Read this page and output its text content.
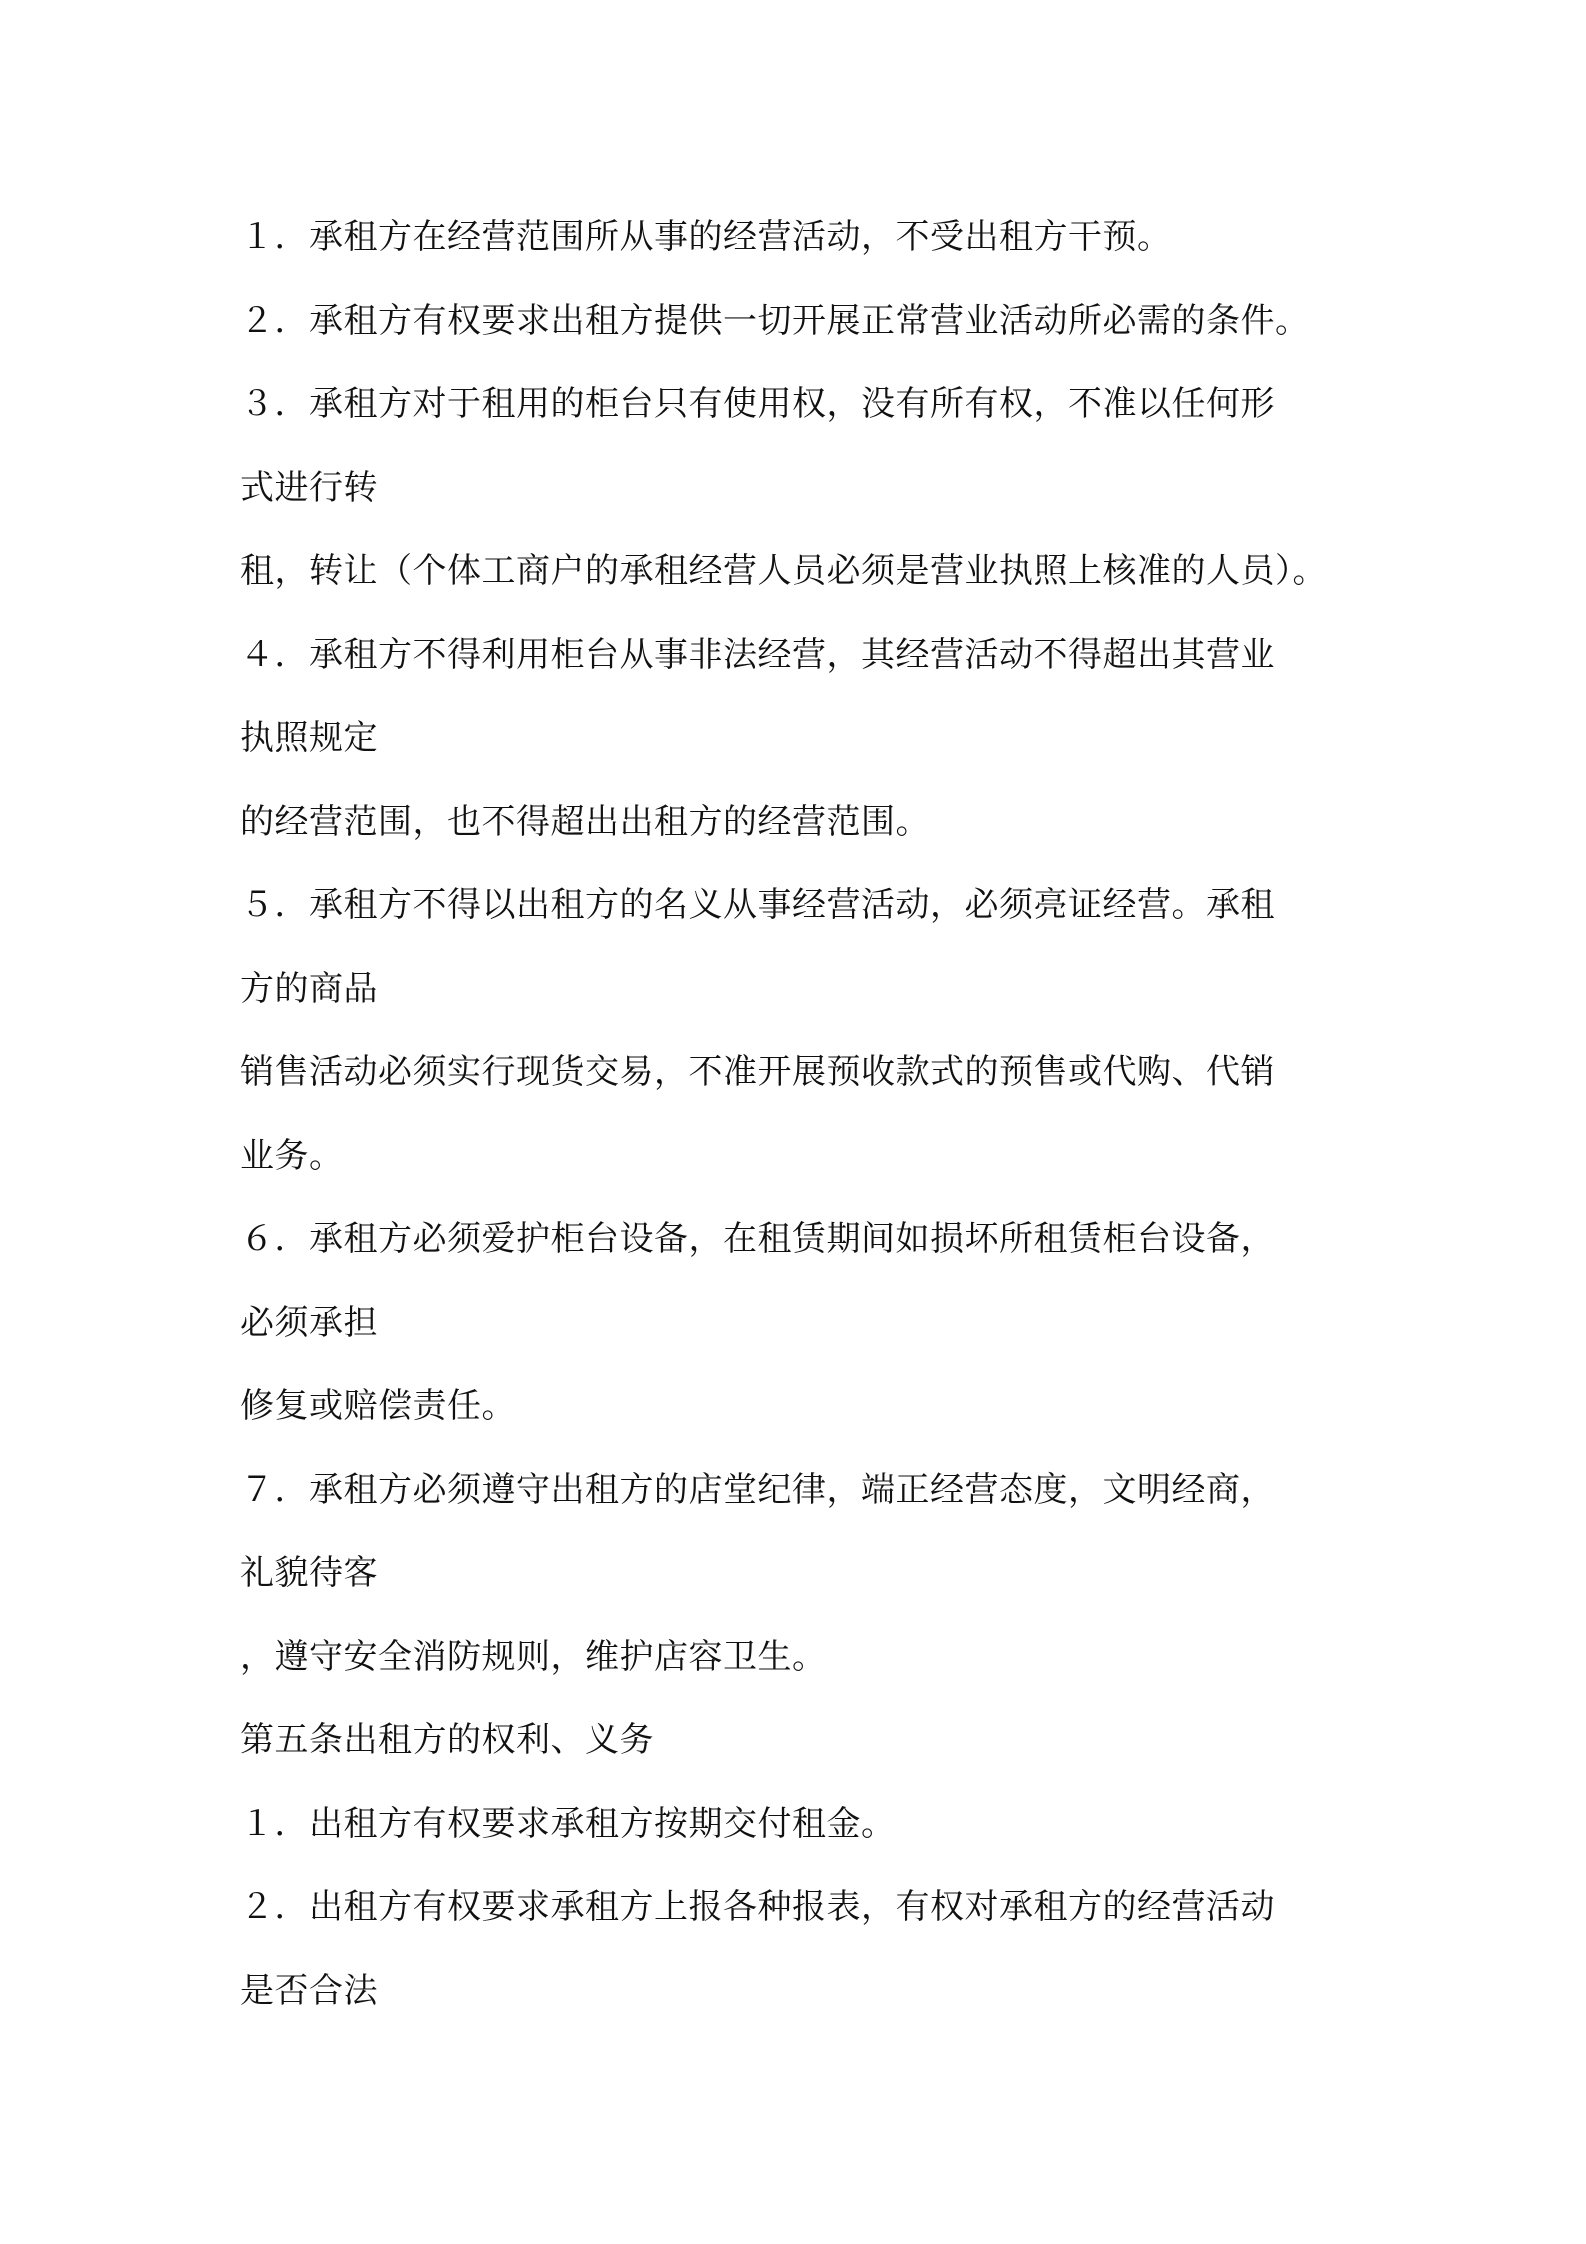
１．承租方在经营范围所从事的经营活动，不受出租方干预。
２．承租方有权要求出租方提供一切开展正常营业活动所必需的条件。
３．承租方对于租用的柜台只有使用权，没有所有权，不准以任何形
式进行转
租，转让（个体工商户的承租经营人员必须是营业执照上核准的人员）。
４．承租方不得利用柜台从事非法经营，其经营活动不得超出其营业
执照规定
的经营范围，也不得超出出租方的经营范围。
５．承租方不得以出租方的名义从事经营活动，必须亮证经营。承租
方的商品
销售活动必须实行现货交易，不准开展预收款式的预售或代购、代销
业务。
６．承租方必须爱护柜台设备，在租赁期间如损坏所租赁柜台设备，
必须承担
修复或赔偿责任。
７．承租方必须遵守出租方的店堂纪律，端正经营态度，文明经商，
礼貌待客
，遵守安全消防规则，维护店容卫生。
第五条出租方的权利、义务
１．出租方有权要求承租方按期交付租金。
２．出租方有权要求承租方上报各种报表，有权对承租方的经营活动
是否合法
